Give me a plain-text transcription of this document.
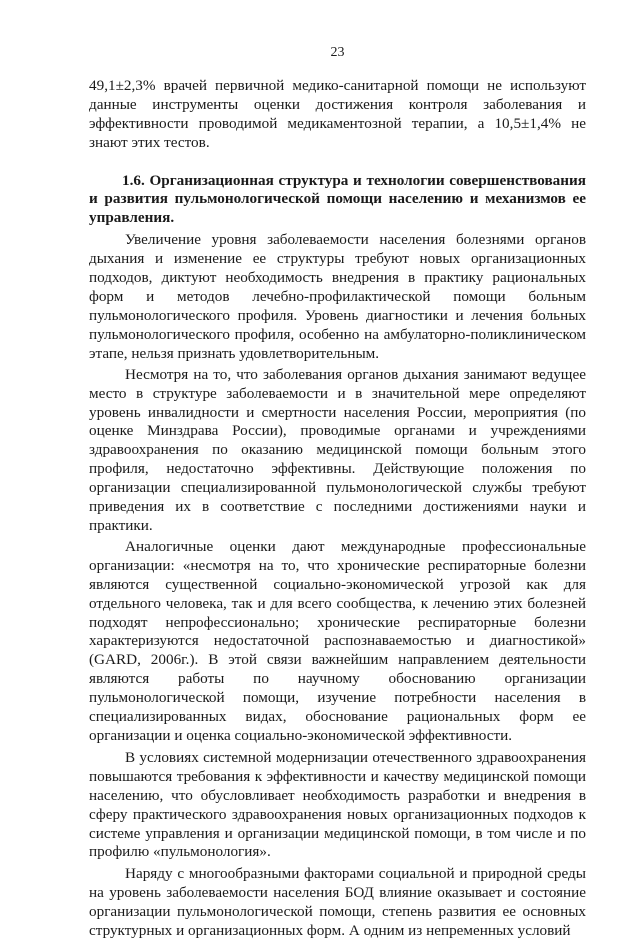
23

49,1±2,3% врачей первичной медико-санитарной помощи не используют данные инструменты оценки достижения контроля заболевания и эффективности проводимой медикаментозной терапии, а 10,5±1,4% не знают этих тестов.

1.6. Организационная структура и технологии совершенствования и развития пульмонологической помощи населению и механизмов ее управления.

Увеличение уровня заболеваемости населения болезнями органов дыхания и изменение ее структуры требуют новых организационных подходов, диктуют необходимость внедрения в практику рациональных форм и методов лечебно-профилактической помощи больным пульмонологического профиля. Уровень диагностики и лечения больных пульмонологического профиля, особенно на амбулаторно-поликлиническом этапе, нельзя признать удовлетворительным.

Несмотря на то, что заболевания органов дыхания занимают ведущее место в структуре заболеваемости и в значительной мере определяют уровень инвалидности и смертности населения России, мероприятия (по оценке Минздрава России), проводимые органами и учреждениями здравоохранения по оказанию медицинской помощи больным этого профиля, недостаточно эффективны. Действующие положения по организации специализированной пульмонологической службы требуют приведения их в соответствие с последними достижениями науки и практики.

Аналогичные оценки дают международные профессиональные организации: «несмотря на то, что хронические респираторные болезни являются существенной социально-экономической угрозой как для отдельного человека, так и для всего сообщества, к лечению этих болезней подходят непрофессионально; хронические респираторные болезни характеризуются недостаточной распознаваемостью и диагностикой» (GARD, 2006г.). В этой связи важнейшим направлением деятельности являются работы по научному обоснованию организации пульмонологической помощи, изучение потребности населения в специализированных видах, обоснование рациональных форм ее организации и оценка социально-экономической эффективности.

В условиях системной модернизации отечественного здравоохранения повышаются требования к эффективности и качеству медицинской помощи населению, что обусловливает необходимость разработки и внедрения в сферу практического здравоохранения новых организационных подходов к системе управления и организации медицинской помощи, в том числе и по профилю «пульмонология».

Наряду с многообразными факторами социальной и природной среды на уровень заболеваемости населения БОД влияние оказывает и состояние организации пульмонологической помощи, степень развития ее основных структурных и организационных форм. А одним из непременных условий
